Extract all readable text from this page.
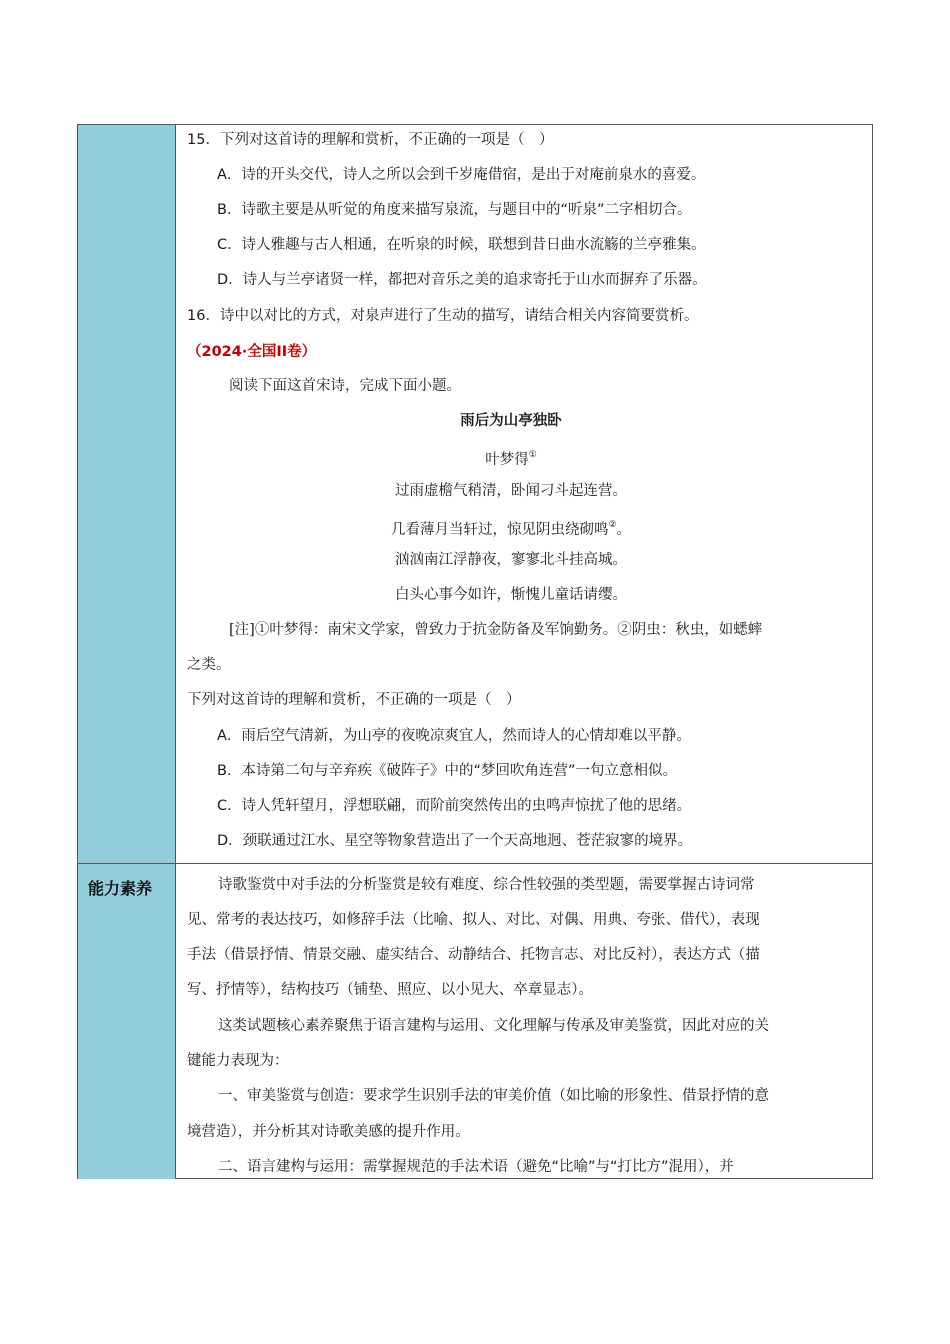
能力素养
15．下列对这首诗的理解和赏析，不正确的一项是（　）
A．诗的开头交代，诗人之所以会到千岁庵借宿，是出于对庵前泉水的喜爱。
B．诗歌主要是从听觉的角度来描写泉流，与题目中的“听泉”二字相切合。
C．诗人雅趣与古人相通，在听泉的时候，联想到昔日曲水流觞的兰亭雅集。
D．诗人与兰亭诸贤一样，都把对音乐之美的追求寄托于山水而摒弃了乐器。
16．诗中以对比的方式，对泉声进行了生动的描写，请结合相关内容简要赏析。
（2024·全国II卷）
阅读下面这首宋诗，完成下面小题。
雨后为山亭独卧
叶梦得①
过雨虚檐气稍清，卧闻刁斗起连营。
几看薄月当轩过，惊见阴虫绕砌鸣②。
汹汹南江浮静夜，寥寥北斗挂高城。
白头心事今如许，惭愧儿童话请缨。
[注]①叶梦得：南宋文学家，曾致力于抗金防备及军饷勤务。②阴虫：秋虫，如蟋蟀
之类。
下列对这首诗的理解和赏析，不正确的一项是（　）
A．雨后空气清新，为山亭的夜晚凉爽宜人，然而诗人的心情却难以平静。
B．本诗第二句与辛弃疾《破阵子》中的“梦回吹角连营”一句立意相似。
C．诗人凭轩望月，浮想联翩，而阶前突然传出的虫鸣声惊扰了他的思绪。
D．颈联通过江水、星空等物象营造出了一个天高地迥、苍茫寂寥的境界。
诗歌鉴赏中对手法的分析鉴赏是较有难度、综合性较强的类型题，需要掌握古诗词常
见、常考的表达技巧，如修辞手法（比喻、拟人、对比、对偶、用典、夸张、借代），表现
手法（借景抒情、情景交融、虚实结合、动静结合、托物言志、对比反衬），表达方式（描
写、抒情等），结构技巧（铺垫、照应、以小见大、卒章显志）。
这类试题核心素养聚焦于语言建构与运用、文化理解与传承及审美鉴赏，因此对应的关
键能力表现为：
一、审美鉴赏与创造：要求学生识别手法的审美价值（如比喻的形象性、借景抒情的意
境营造），并分析其对诗歌美感的提升作用。
二、语言建构与运用：需掌握规范的手法术语（避免“比喻”与“打比方”混用），并
